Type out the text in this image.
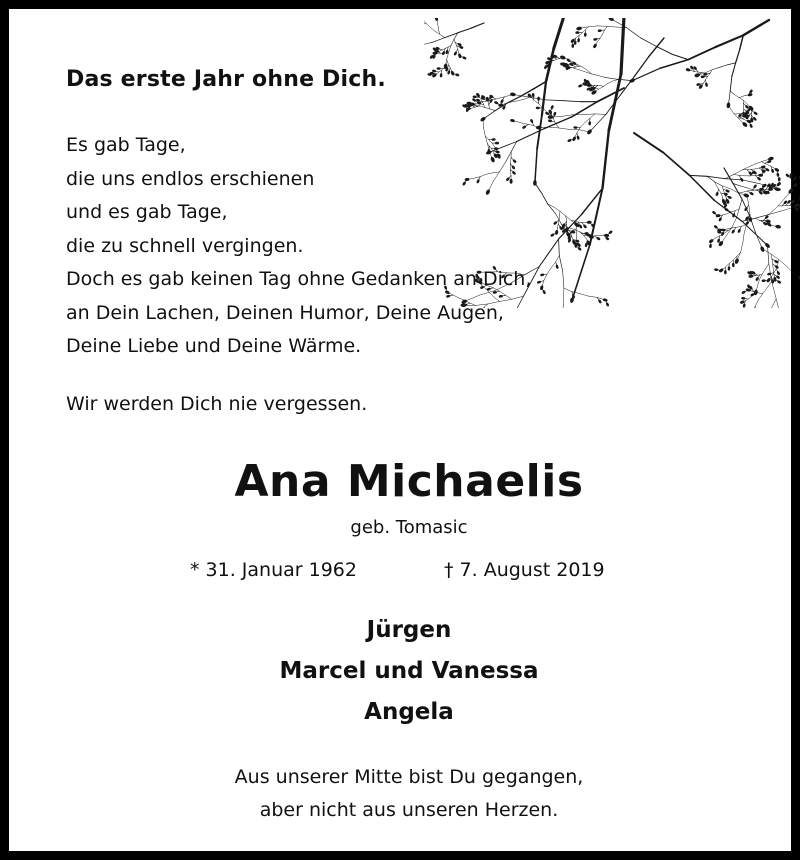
Das erste Jahr ohne Dich.
Es gab Tage,
die uns endlos erschienen
und es gab Tage,
die zu schnell vergingen.
Doch es gab keinen Tag ohne Gedanken an Dich,
an Dein Lachen, Deinen Humor, Deine Augen,
Deine Liebe und Deine Wärme.

Wir werden Dich nie vergessen.

Ana Michaelis

geb. Tomasic

* 31. Januar 1962	† 7. August 2019

Jürgen
Marcel und Vanessa
Angela
Aus unserer Mitte bist Du gegangen,
aber nicht aus unseren Herzen.
